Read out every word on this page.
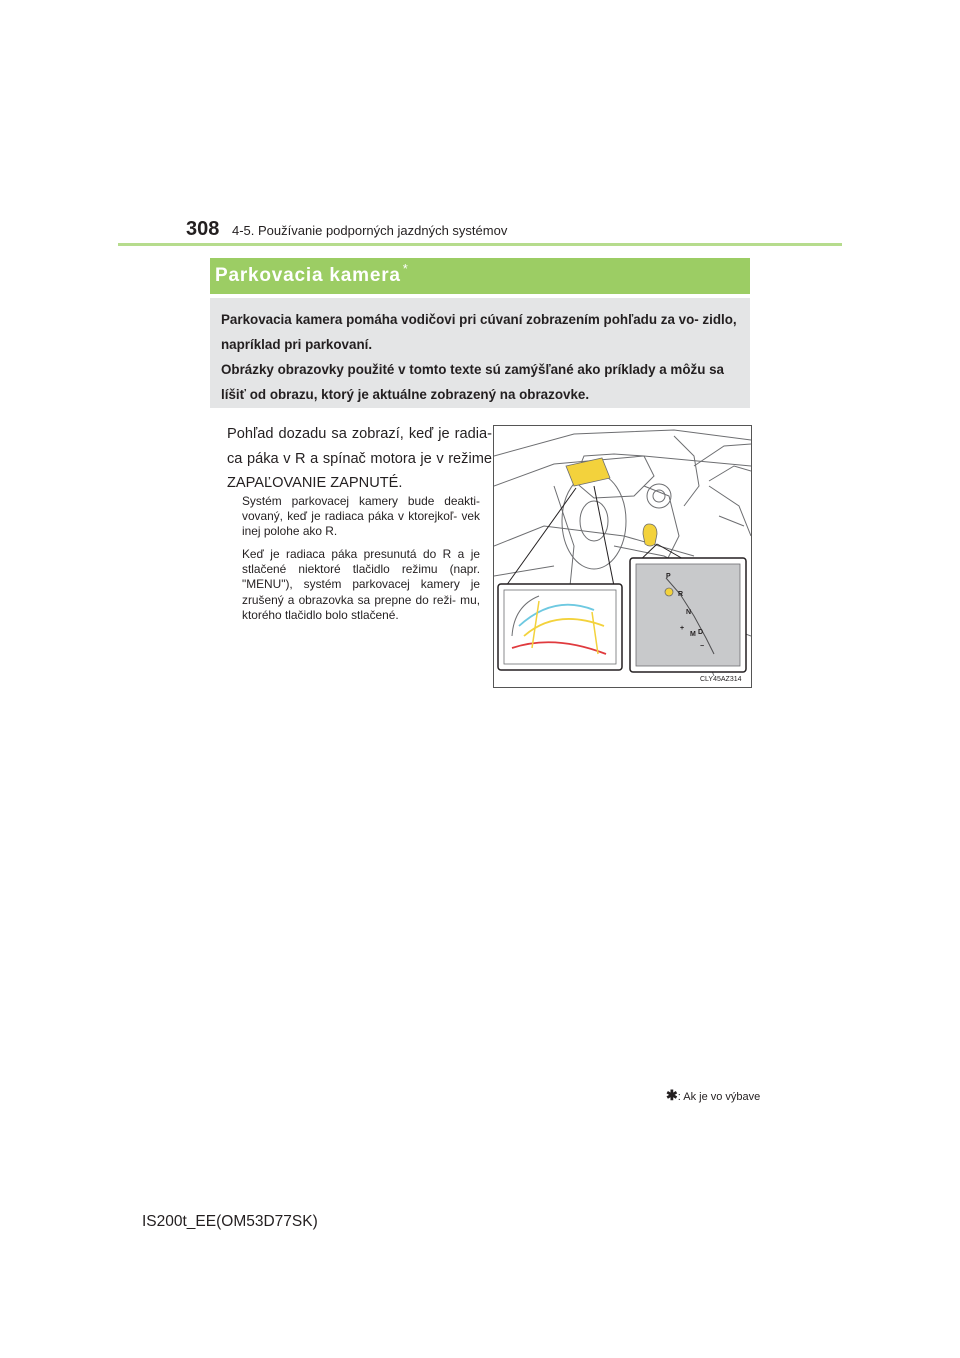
308 4-5. Používanie podporných jazdných systémov
Parkovacia kamera *

Parkovacia kamera pomáha vodičovi pri cúvaní zobrazením pohľadu za vo- zidlo, napríklad pri parkovaní.

Obrázky obrazovky použité v tomto texte sú zamýšľané ako príklady a môžu sa líšiť od obrazu, ktorý je aktuálne zobrazený na obrazovke.

Pohľad dozadu sa zobrazí, keď je radia- ca páka v R a spínač motora je v režime ZAPAĽOVANIE ZAPNUTÉ.

Systém parkovacej kamery bude deakti- vovaný, keď je radiaca páka v ktorejkoľ- vek inej polohe ako R.

Keď je radiaca páka presunutá do R a je stlačené niektoré tlačidlo režimu (napr. "MENU"), systém parkovacej kamery je zrušený a obrazovka sa prepne do reži- mu, ktorého tlačidlo bolo stlačené.

P
R
N
D
M
+
−
CLY45AZ314
✱: Ak je vo výbave
IS200t_EE(OM53D77SK)
